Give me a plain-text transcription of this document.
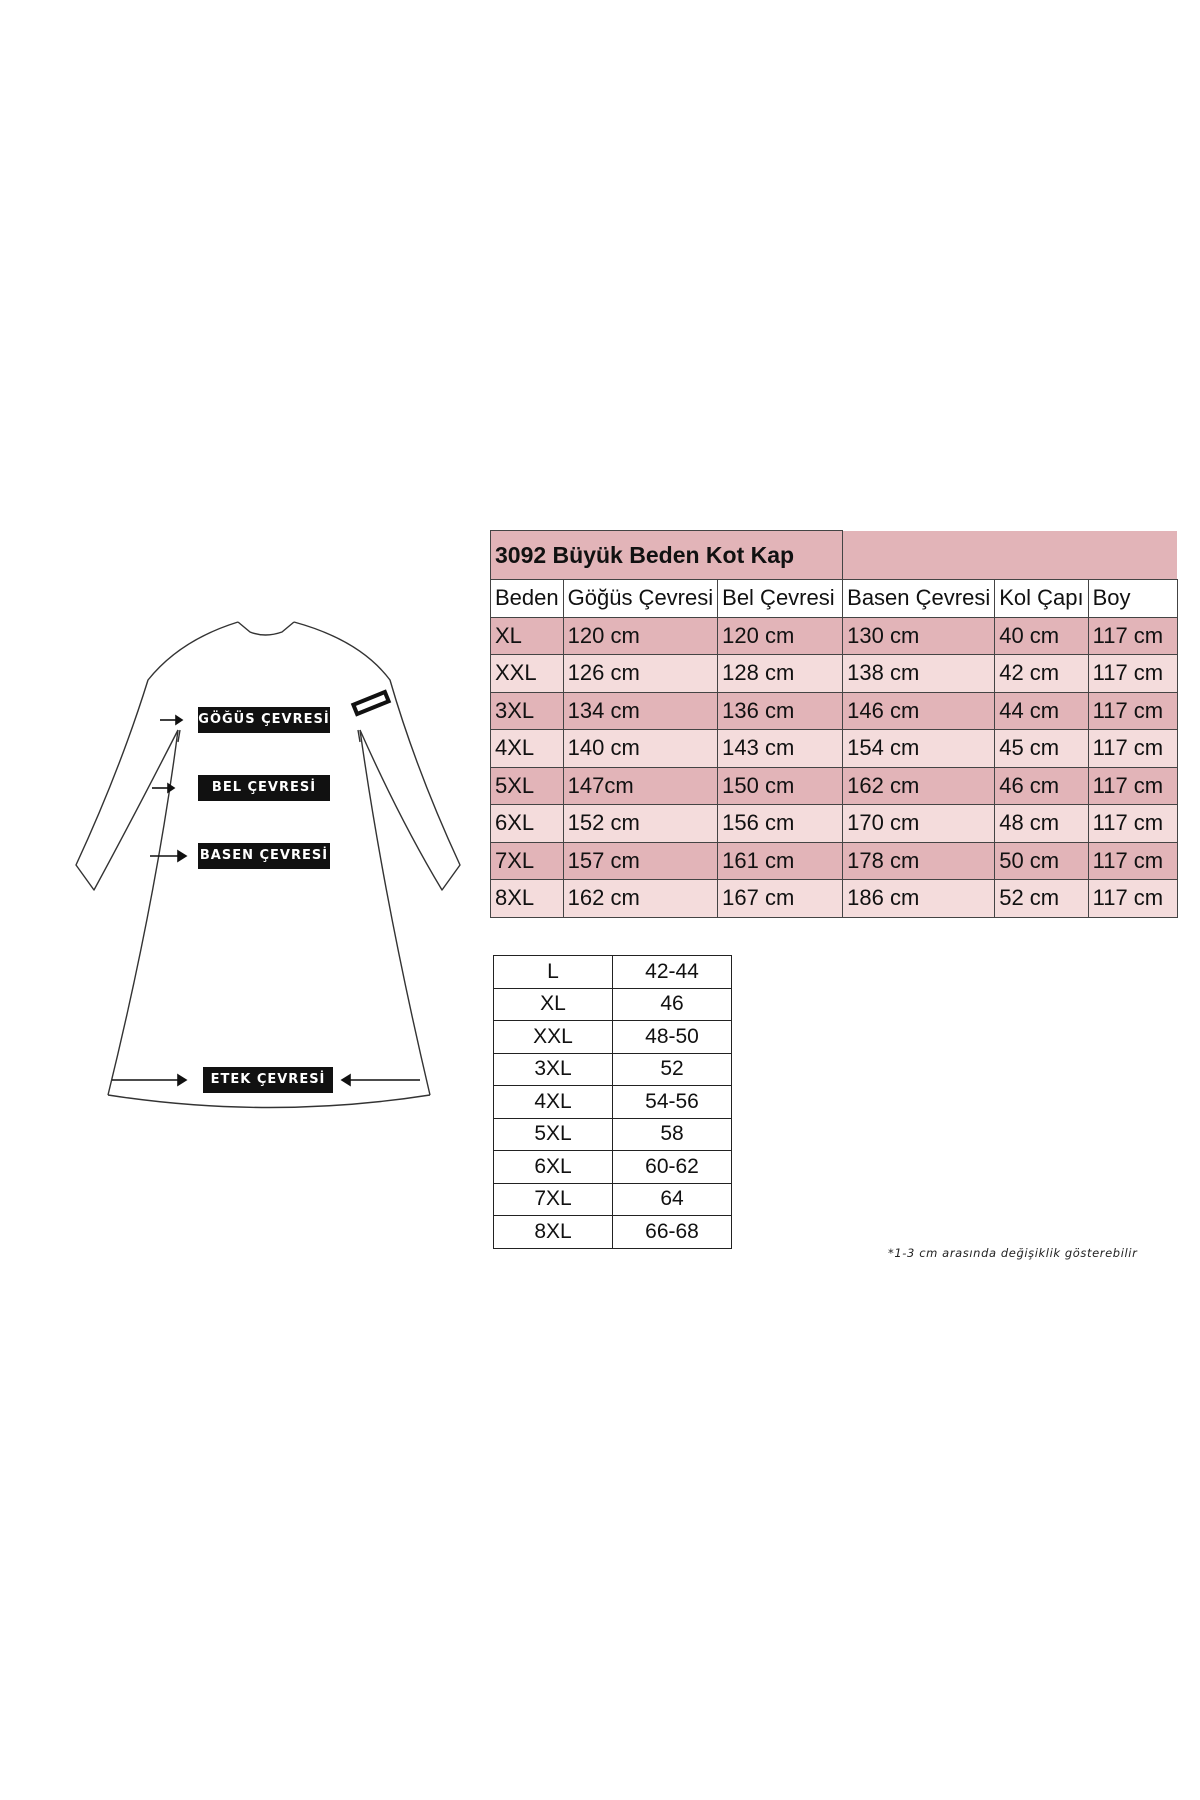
GÖĞÜS ÇEVRESİ
BEL ÇEVRESİ
BASEN ÇEVRESİ
ETEK ÇEVRESİ
3092 Büyük Beden Kot Kap					
Beden	Göğüs Çevresi	Bel Çevresi	Basen Çevresi	Kol Çapı	Boy
XL	120 cm	120 cm	130 cm	40 cm	117 cm
XXL	126 cm	128 cm	138 cm	42 cm	117 cm
3XL	134 cm	136 cm	146 cm	44 cm	117 cm
4XL	140 cm	143 cm	154 cm	45 cm	117 cm
5XL	147cm	150 cm	162 cm	46 cm	117 cm
6XL	152 cm	156 cm	170 cm	48 cm	117 cm
7XL	157 cm	161 cm	178 cm	50 cm	117 cm
8XL	162 cm	167 cm	186 cm	52 cm	117 cm
L	42-44
XL	46
XXL	48-50
3XL	52
4XL	54-56
5XL	58
6XL	60-62
7XL	64
8XL	66-68
*1-3 cm arasında değişiklik gösterebilir
